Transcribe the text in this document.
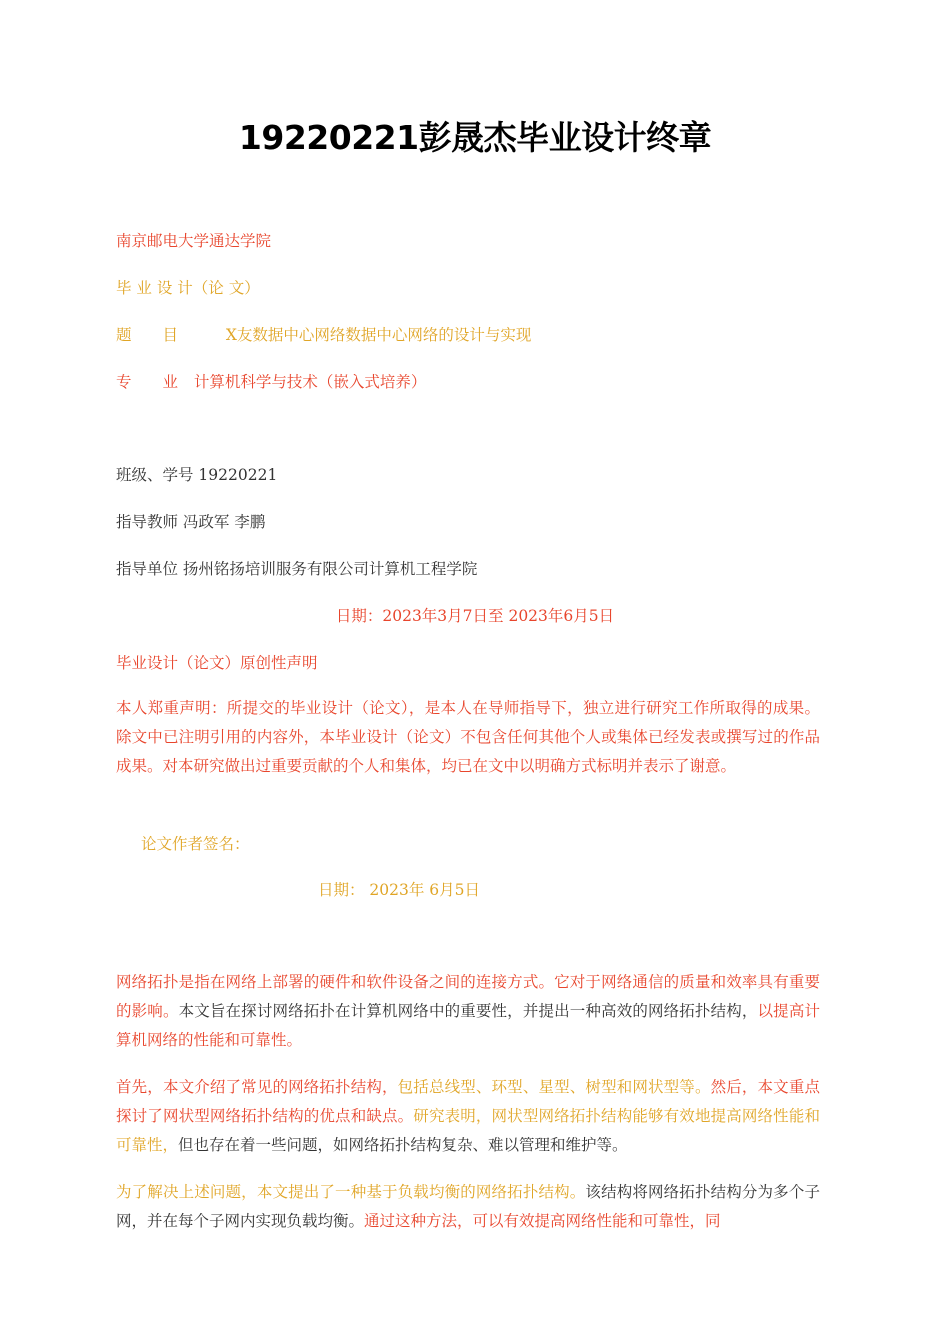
19220221彭晟杰毕业设计终章
南京邮电大学通达学院
毕 业 设 计（论 文）
题　　目	X友数据中心网络数据中心网络的设计与实现
专　　业 计算机科学与技术（嵌入式培养）
班级、学号 19220221
指导教师 冯政军 李鹏
指导单位 扬州铭扬培训服务有限公司计算机工程学院
日期：2023年3月7日至 2023年6月5日
毕业设计（论文）原创性声明
本人郑重声明：所提交的毕业设计（论文），是本人在导师指导下，独立进行研究工作所取得的成果。除文中已注明引用的内容外，本毕业设计（论文）不包含任何其他个人或集体已经发表或撰写过的作品成果。对本研究做出过重要贡献的个人和集体，均已在文中以明确方式标明并表示了谢意。
论文作者签名：
日期： 2023年 6月5日
网络拓扑是指在网络上部署的硬件和软件设备之间的连接方式。它对于网络通信的质量和效率具有重要的影响。本文旨在探讨网络拓扑在计算机网络中的重要性，并提出一种高效的网络拓扑结构，以提高计算机网络的性能和可靠性。
首先，本文介绍了常见的网络拓扑结构，包括总线型、环型、星型、树型和网状型等。然后，本文重点探讨了网状型网络拓扑结构的优点和缺点。研究表明，网状型网络拓扑结构能够有效地提高网络性能和可靠性，但也存在着一些问题，如网络拓扑结构复杂、难以管理和维护等。
为了解决上述问题，本文提出了一种基于负载均衡的网络拓扑结构。该结构将网络拓扑结构分为多个子网，并在每个子网内实现负载均衡。通过这种方法，可以有效提高网络性能和可靠性，同
